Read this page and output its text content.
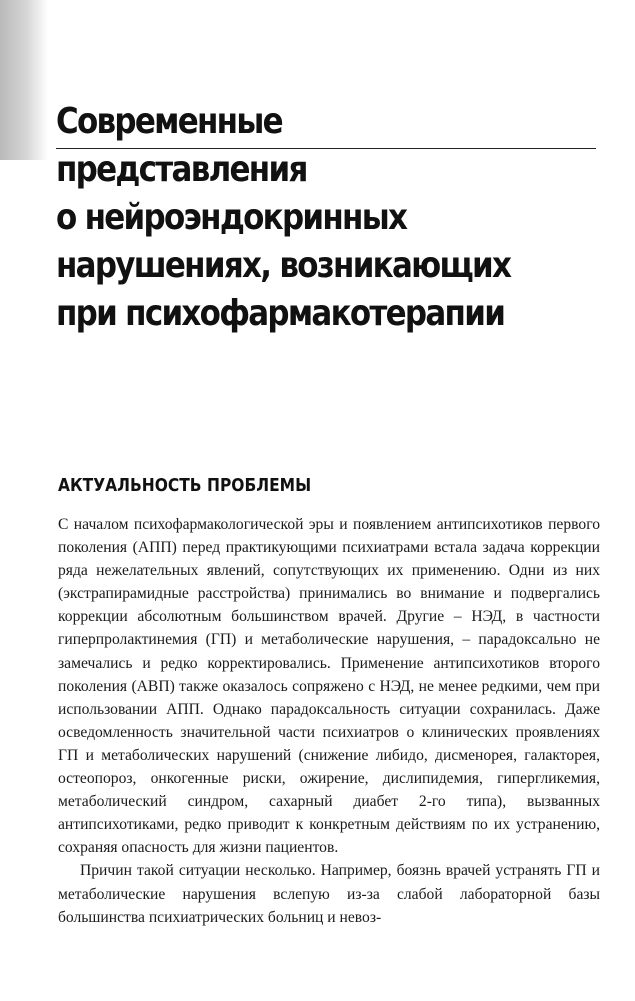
Современные представления
о нейроэндокринных
нарушениях, возникающих
при психофармакотерапии
АКТУАЛЬНОСТЬ ПРОБЛЕМЫ

С началом психофармакологической эры и появлением антипсихотиков первого поколения (АПП) перед практикующими психиатрами встала задача коррекции ряда нежелательных явлений, сопутствующих их применению. Одни из них (экстрапирамидные расстройства) принимались во внимание и подвергались коррекции абсолютным большинством врачей. Другие – НЭД, в частности гиперпролактинемия (ГП) и метаболические нарушения, – парадоксально не замечались и редко корректировались. Применение антипсихотиков второго поколения (АВП) также оказалось сопряжено с НЭД, не менее редкими, чем при использовании АПП. Однако парадоксальность ситуации сохранилась. Даже осведомленность значительной части психиатров о клинических проявлениях ГП и метаболических нарушений (снижение либидо, дисменорея, галакторея, остеопороз, онкогенные риски, ожирение, дислипидемия, гипергликемия, метаболический синдром, сахарный диабет 2-го типа), вызванных антипсихотиками, редко приводит к конкретным действиям по их устранению, сохраняя опасность для жизни пациентов.

Причин такой ситуации несколько. Например, боязнь врачей устранять ГП и метаболические нарушения вслепую из-за слабой лабораторной базы большинства психиатрических больниц и невоз-
